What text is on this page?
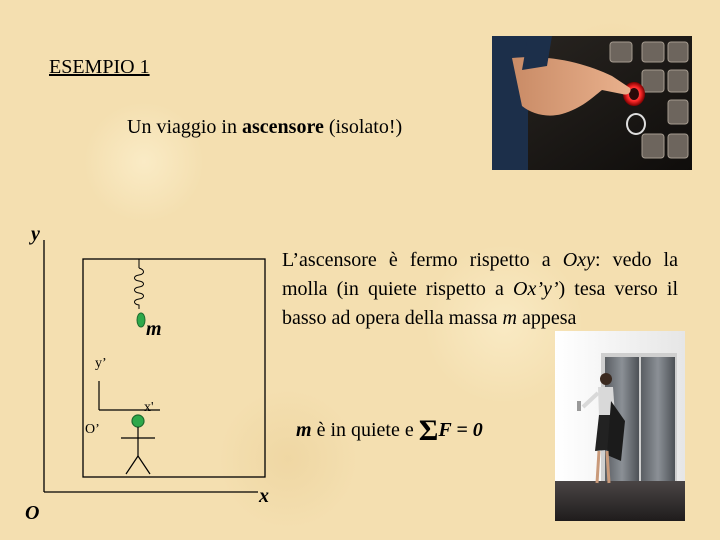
ESEMPIO 1
Un viaggio in ascensore (isolato!)
y
x
O
m
y’
x'
O’
L’ascensore è fermo rispetto a Oxy: vedo la molla (in quiete rispetto a Ox’y’) tesa verso il basso ad opera della massa m appesa
m è in quiete e ΣF = 0
